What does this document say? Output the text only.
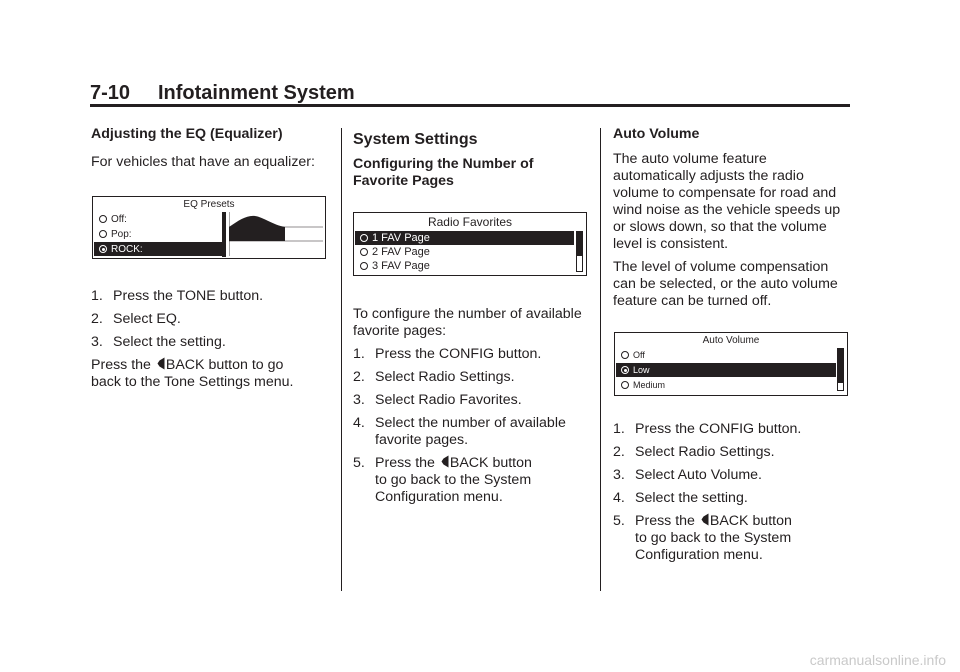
7-10 Infotainment System

Adjusting the EQ (Equalizer)

For vehicles that have an equalizer:

EQ Presets
Off:
Pop:
ROCK:

1. Press the TONE button.

2. Select EQ.

3. Select the setting.

Press the BACK button to go
back to the Tone Settings menu.

System Settings

Configuring the Number of
Favorite Pages

Radio Favorites
1 FAV Page
2 FAV Page
3 FAV Page

To configure the number of available
favorite pages:

1. Press the CONFIG button.

2. Select Radio Settings.

3. Select Radio Favorites.

4. Select the number of available
favorite pages.

5. Press the BACK button
to go back to the System
Configuration menu.

Auto Volume

The auto volume feature
automatically adjusts the radio
volume to compensate for road and
wind noise as the vehicle speeds up
or slows down, so that the volume
level is consistent.

The level of volume compensation
can be selected, or the auto volume
feature can be turned off.

Auto Volume
Off
Low
Medium

1. Press the CONFIG button.

2. Select Radio Settings.

3. Select Auto Volume.

4. Select the setting.

5. Press the BACK button
to go back to the System
Configuration menu.

carmanualsonline.info
